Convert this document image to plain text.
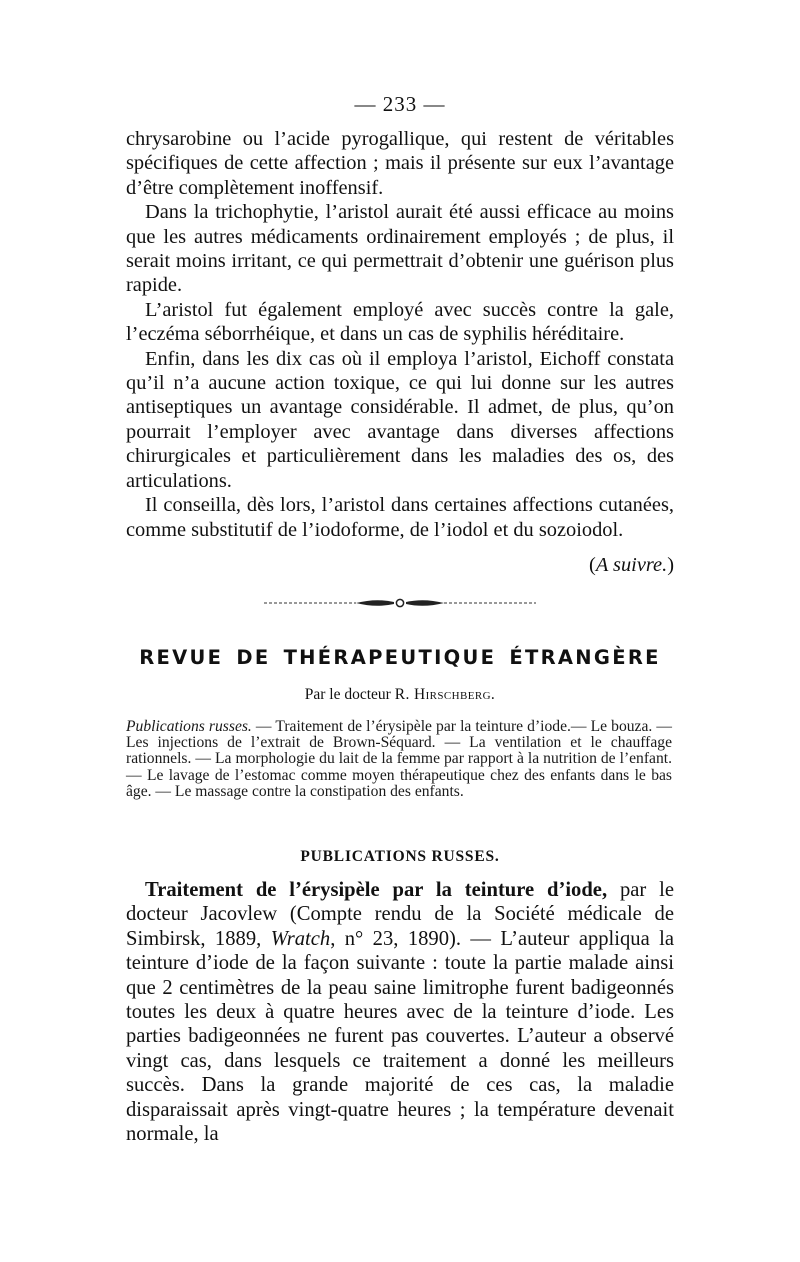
— 233 —

chrysarobine ou l’acide pyrogallique, qui restent de véritables spécifiques de cette affection ; mais il présente sur eux l’avantage d’être complètement inoffensif.

Dans la trichophytie, l’aristol aurait été aussi efficace au moins que les autres médicaments ordinairement employés ; de plus, il serait moins irritant, ce qui permettrait d’obtenir une guérison plus rapide.

L’aristol fut également employé avec succès contre la gale, l’eczéma séborrhéique, et dans un cas de syphilis héréditaire.

Enfin, dans les dix cas où il employa l’aristol, Eichoff constata qu’il n’a aucune action toxique, ce qui lui donne sur les autres antiseptiques un avantage considérable. Il admet, de plus, qu’on pourrait l’employer avec avantage dans diverses affections chirurgicales et particulièrement dans les maladies des os, des articulations.

Il conseilla, dès lors, l’aristol dans certaines affections cutanées, comme substitutif de l’iodoforme, de l’iodol et du sozoiodol.

(A suivre.)
REVUE DE THÉRAPEUTIQUE ÉTRANGÈRE
Par le docteur R. Hirschberg.
Publications russes. — Traitement de l’érysipèle par la teinture d’iode.— Le bouza. — Les injections de l’extrait de Brown-Séquard. — La ventilation et le chauffage rationnels. — La morphologie du lait de la femme par rapport à la nutrition de l’enfant. — Le lavage de l’estomac comme moyen thérapeutique chez des enfants dans le bas âge. — Le massage contre la constipation des enfants.
PUBLICATIONS RUSSES.

Traitement de l’érysipèle par la teinture d’iode, par le docteur Jacovlew (Compte rendu de la Société médicale de Simbirsk, 1889, Wratch, n° 23, 1890). — L’auteur appliqua la teinture d’iode de la façon suivante : toute la partie malade ainsi que 2 centimètres de la peau saine limitrophe furent badigeonnés toutes les deux à quatre heures avec de la teinture d’iode. Les parties badigeonnées ne furent pas couvertes. L’auteur a observé vingt cas, dans lesquels ce traitement a donné les meilleurs succès. Dans la grande majorité de ces cas, la maladie disparaissait après vingt-quatre heures ; la température devenait normale, la
